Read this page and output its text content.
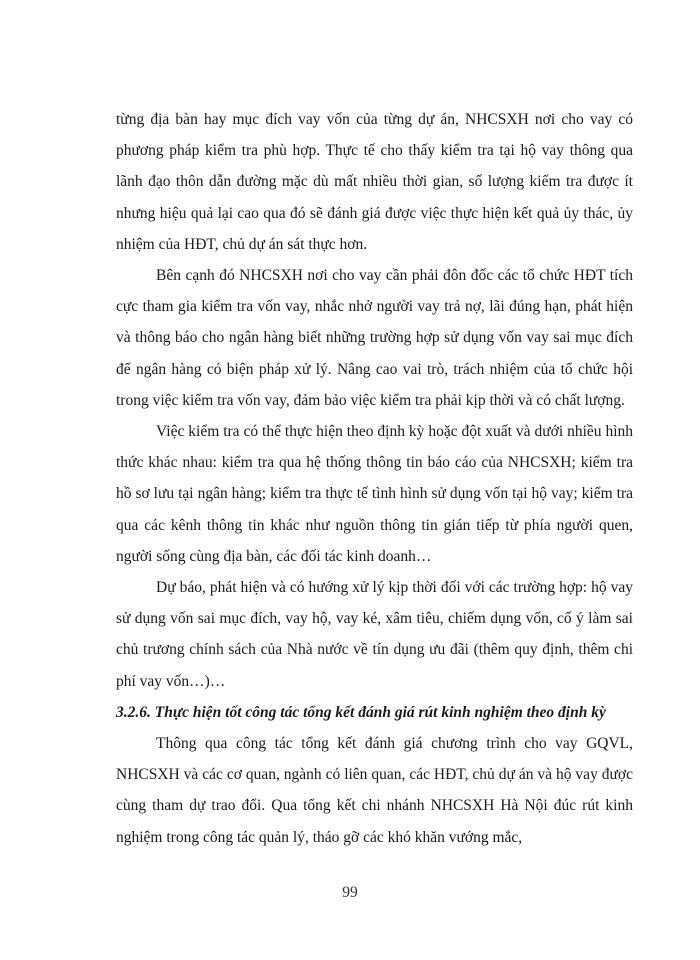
từng địa bàn hay mục đích vay vốn của từng dự án, NHCSXH nơi cho vay có phương pháp kiểm tra phù hợp. Thực tế cho thấy kiểm tra tại hộ vay thông qua lãnh đạo thôn dẫn đường mặc dù mất nhiều thời gian, số lượng kiểm tra được ít nhưng hiệu quả lại cao qua đó sẽ đánh giá được việc thực hiện kết quả ủy thác, ủy nhiệm của HĐT, chủ dự án sát thực hơn.

Bên cạnh đó NHCSXH nơi cho vay cần phải đôn đốc các tổ chức HĐT tích cực tham gia kiểm tra vốn vay, nhắc nhở người vay trả nợ, lãi đúng hạn, phát hiện và thông báo cho ngân hàng biết những trường hợp sử dụng vốn vay sai mục đích để ngân hàng có biện pháp xử lý. Nâng cao vai trò, trách nhiệm của tổ chức hội trong việc kiểm tra vốn vay, đảm bảo việc kiểm tra phải kịp thời và có chất lượng.

Việc kiểm tra có thể thực hiện theo định kỳ hoặc đột xuất và dưới nhiều hình thức khác nhau: kiểm tra qua hệ thống thông tin báo cáo của NHCSXH; kiểm tra hồ sơ lưu tại ngân hàng; kiểm tra thực tế tình hình sử dụng vốn tại hộ vay; kiểm tra qua các kênh thông tin khác như nguồn thông tin gián tiếp từ phía người quen, người sống cùng địa bàn, các đối tác kinh doanh…

Dự báo, phát hiện và có hướng xử lý kịp thời đối với các trường hợp: hộ vay sử dụng vốn sai mục đích, vay hộ, vay ké, xâm tiêu, chiếm dụng vốn, cố ý làm sai chủ trương chính sách của Nhà nước về tín dụng ưu đãi (thêm quy định, thêm chi phí vay vốn…)…

3.2.6. Thực hiện tốt công tác tổng kết đánh giá rút kinh nghiệm theo định kỳ

Thông qua công tác tổng kết đánh giá chương trình cho vay GQVL, NHCSXH và các cơ quan, ngành có liên quan, các HĐT, chủ dự án và hộ vay được cùng tham dự trao đổi. Qua tổng kết chi nhánh NHCSXH Hà Nội đúc rút kinh nghiệm trong công tác quản lý, tháo gỡ các khó khăn vướng mắc,

99
